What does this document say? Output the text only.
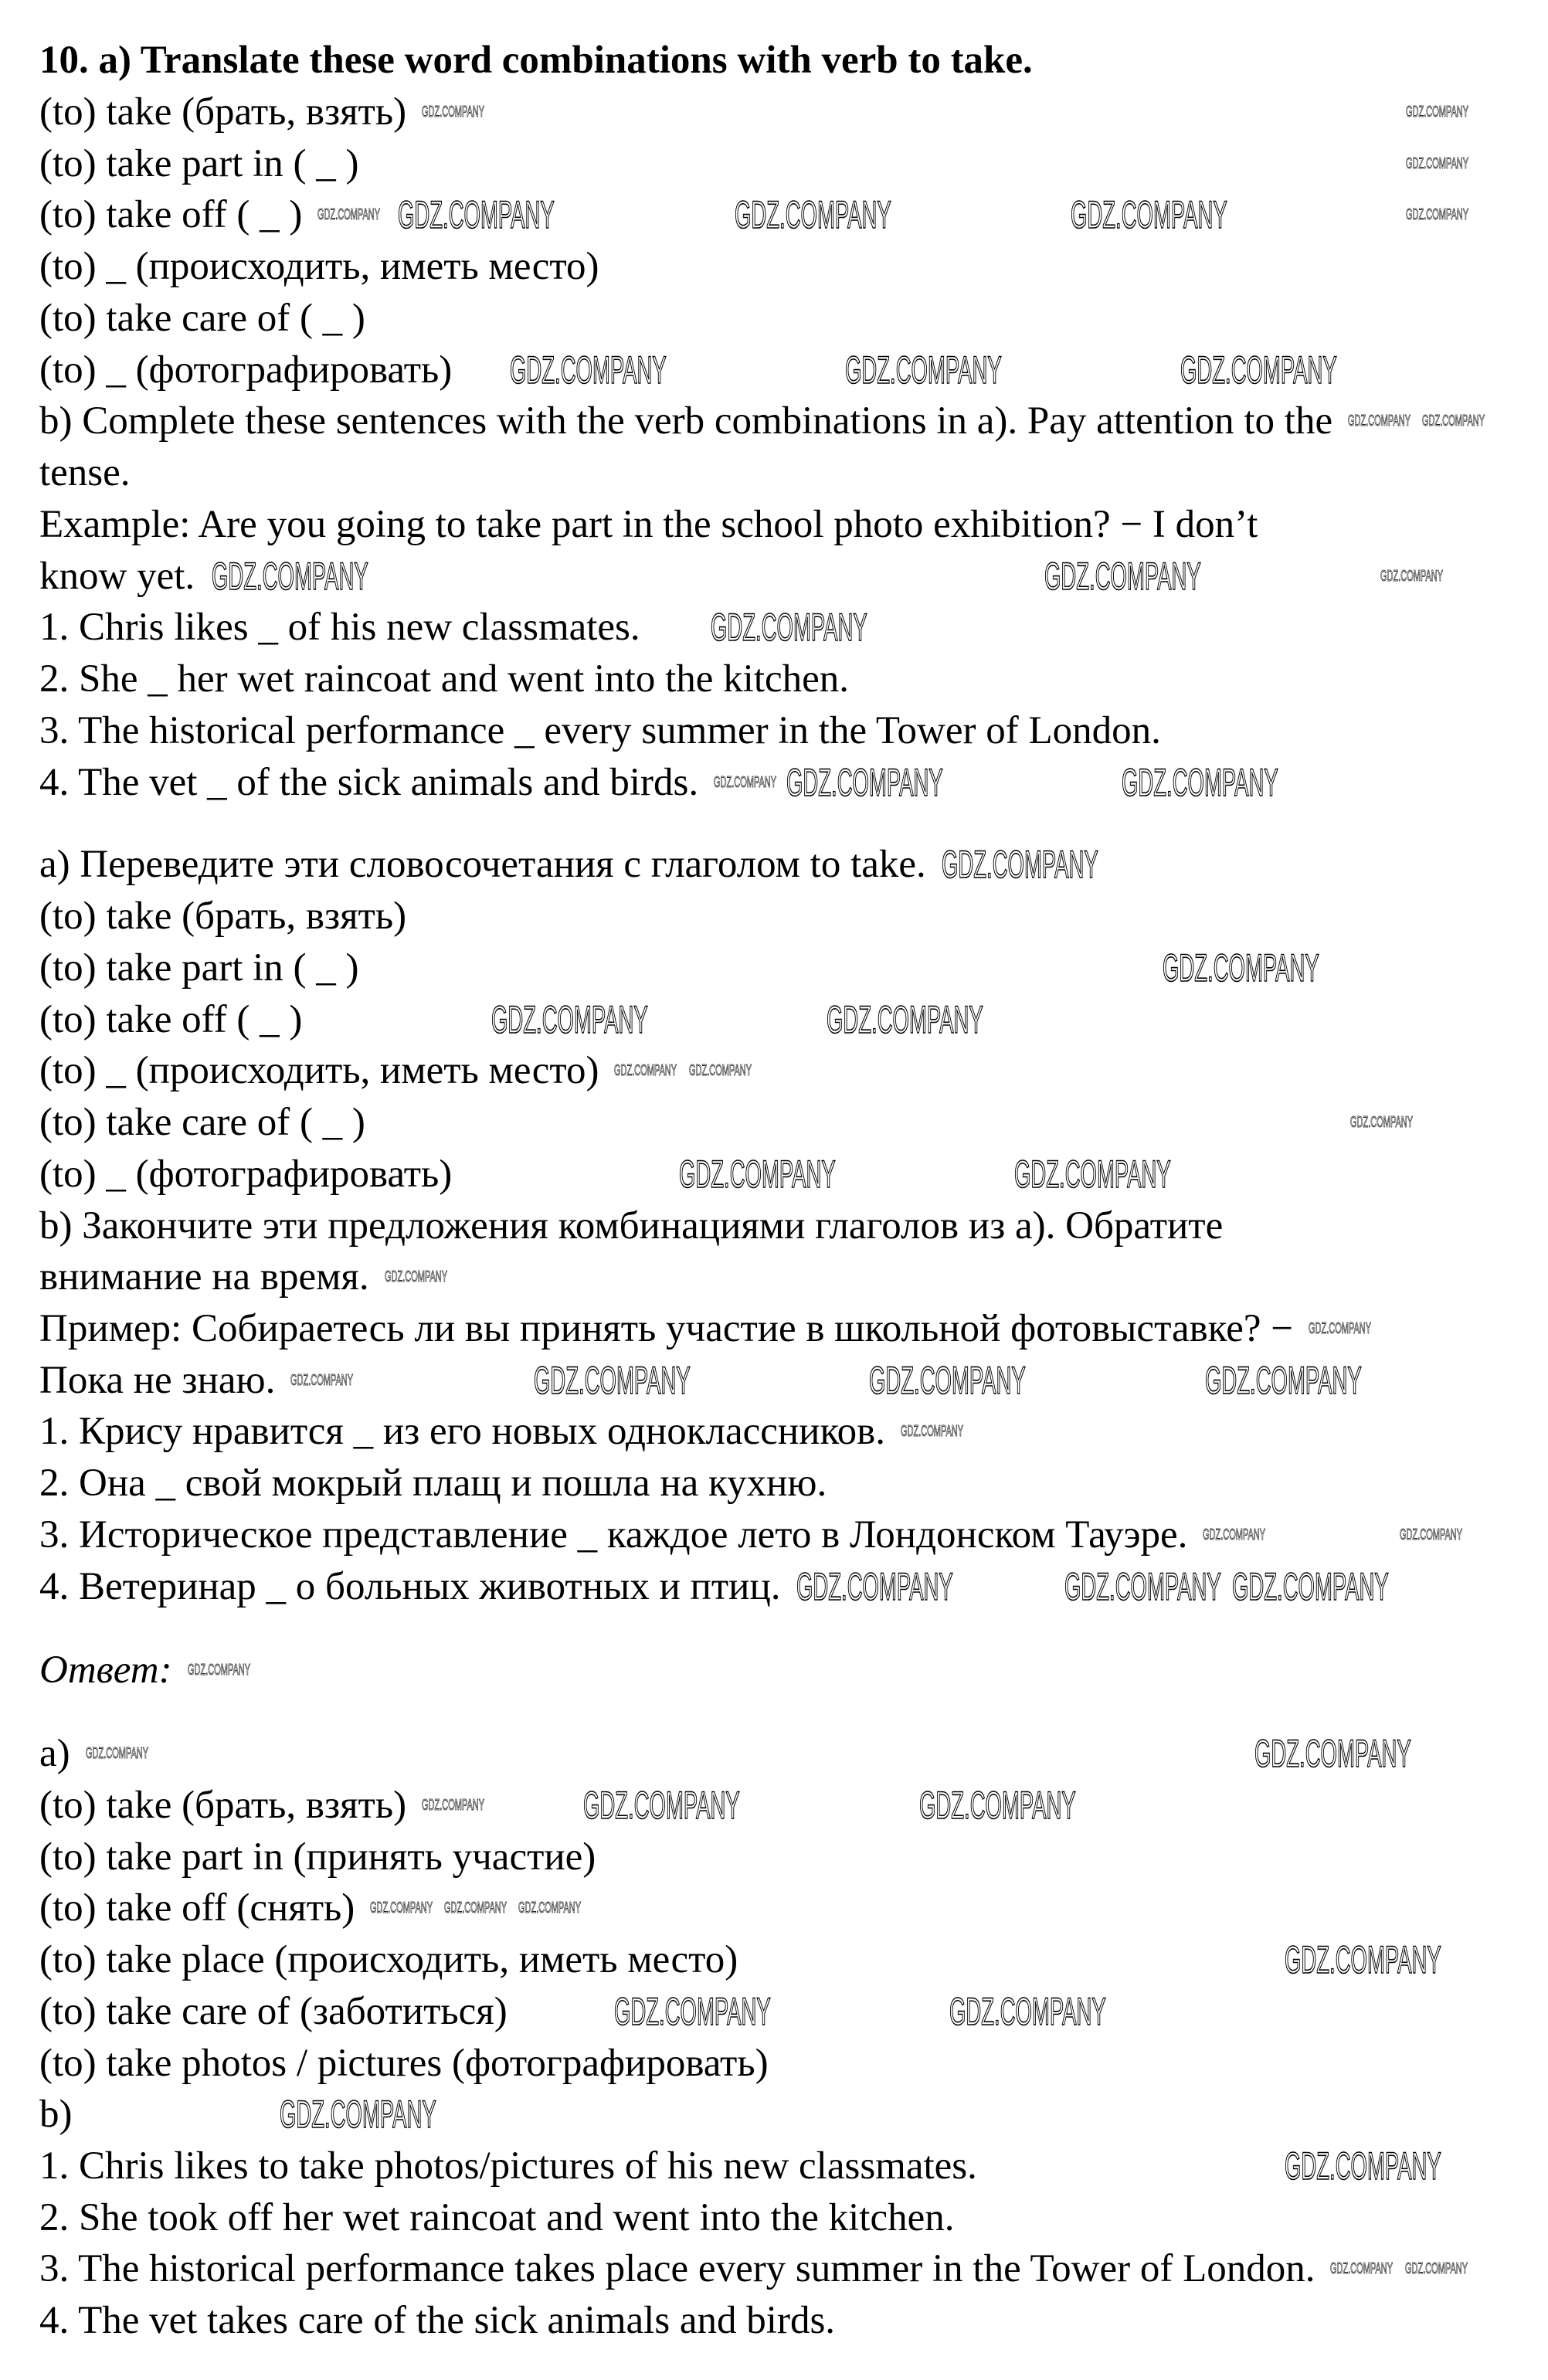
10. a) Translate these word combinations with verb to take.
(to) take (брать, взять)
(to) take part in ( _ )
(to) take off ( _ )
(to) _ (происходить, иметь место)
(to) take care of ( _ )
(to) _ (фотографировать)
b) Complete these sentences with the verb combinations in a). Pay attention to the
tense.
Example: Are you going to take part in the school photo exhibition? − I don’t
know yet.
1. Chris likes _ of his new classmates.
2. She _ her wet raincoat and went into the kitchen.
3. The historical performance _ every summer in the Tower of London.
4. The vet _ of the sick animals and birds.
а) Переведите эти словосочетания с глаголом to take.
(to) take (брать, взять)
(to) take part in ( _ )
(to) take off ( _ )
(to) _ (происходить, иметь место)
(to) take care of ( _ )
(to) _ (фотографировать)
b) Закончите эти предложения комбинациями глаголов из а). Обратите
внимание на время.
Пример: Собираетесь ли вы принять участие в школьной фотовыставке? −
Пока не знаю.
1. Крису нравится _ из его новых одноклассников.
2. Она _ свой мокрый плащ и пошла на кухню.
3. Историческое представление _ каждое лето в Лондонском Тауэре.
4. Ветеринар _ о больных животных и птиц.
Ответ:
a)
(to) take (брать, взять)
(to) take part in (принять участие)
(to) take off (снять)
(to) take place (происходить, иметь место)
(to) take care of (заботиться)
(to) take photos / pictures (фотографировать)
b)
1. Chris likes to take photos/pictures of his new classmates.
2. She took off her wet raincoat and went into the kitchen.
3. The historical performance takes place every summer in the Tower of London.
4. The vet takes care of the sick animals and birds.
GDZ.COMPANY	GDZ.COMPANY	GDZ.COMPANY
GDZ.COMPANY	GDZ.COMPANY	GDZ.COMPANY
GDZ.COMPANY	GDZ.COMPANY
GDZ.COMPANY
GDZ.COMPANY
GDZ.COMPANY
GDZ.COMPANY
GDZ.COMPANY
GDZ.COMPANY	GDZ.COMPANY
GDZ.COMPANY	GDZ.COMPANY
GDZ.COMPANY	GDZ.COMPANY	GDZ.COMPANY
GDZ.COMPANY
GDZ.COMPANY	GDZ.COMPANY
GDZ.COMPANY
GDZ.COMPANY	GDZ.COMPANY
GDZ.COMPANY
GDZ.COMPANY	GDZ.COMPANY
GDZ.COMPANY
GDZ.COMPANY
GDZ.COMPANY
GDZ.COMPANY
GDZ.COMPANY
GDZ.COMPANY
GDZ.COMPANY
GDZ.COMPANY GDZ.COMPANY
GDZ.COMPANY
GDZ.COMPANY
GDZ.COMPANY GDZ.COMPANY
GDZ.COMPANY
GDZ.COMPANY
GDZ.COMPANY
GDZ.COMPANY
GDZ.COMPANY
GDZ.COMPANY	GDZ.COMPANY
GDZ.COMPANY
GDZ.COMPANY
GDZ.COMPANY
GDZ.COMPANY GDZ.COMPANY GDZ.COMPANY
GDZ.COMPANY GDZ.COMPANY
